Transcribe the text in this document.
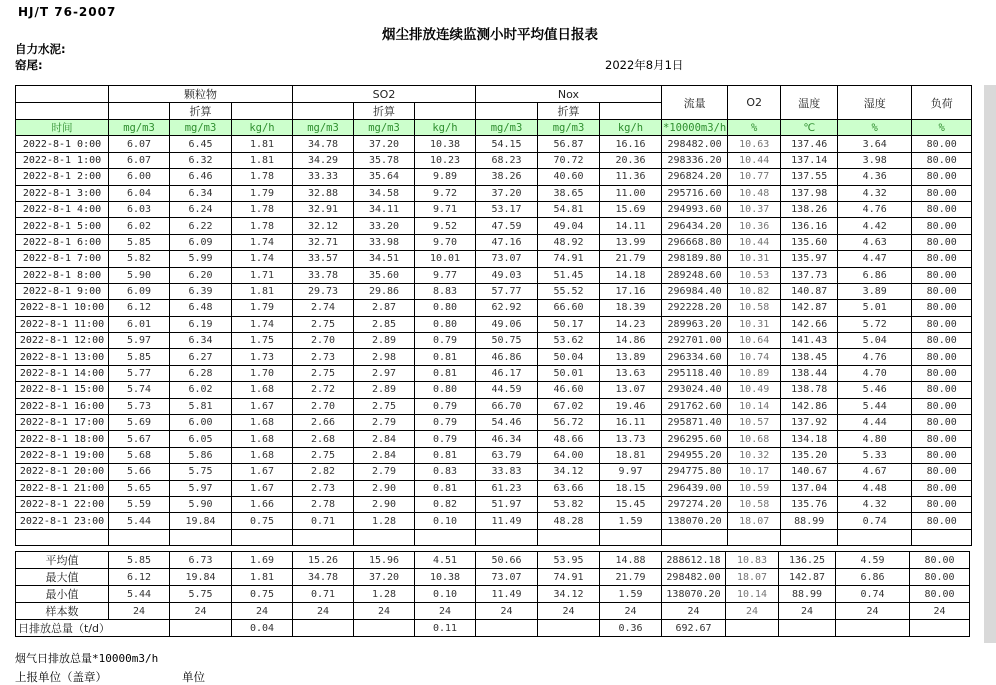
HJ/T 76-2007
烟尘排放连续监测小时平均值日报表
自力水泥:
窑尾:	2022年8月1日
	颗粒物			SO2			Nox			流量	O2	温度	湿度	负荷
		折算			折算			折算						
时间	mg/m3	mg/m3	kg/h	mg/m3	mg/m3	kg/h	mg/m3	mg/m3	kg/h	*10000m3/h	%	℃	%	%
2022-8-1 0:00	6.07	6.45	1.81	34.78	37.20	10.38	54.15	56.87	16.16	298482.00	10.63	137.46	3.64	80.00
2022-8-1 1:00	6.07	6.32	1.81	34.29	35.78	10.23	68.23	70.72	20.36	298336.20	10.44	137.14	3.98	80.00
2022-8-1 2:00	6.00	6.46	1.78	33.33	35.64	9.89	38.26	40.60	11.36	296824.20	10.77	137.55	4.36	80.00
2022-8-1 3:00	6.04	6.34	1.79	32.88	34.58	9.72	37.20	38.65	11.00	295716.60	10.48	137.98	4.32	80.00
2022-8-1 4:00	6.03	6.24	1.78	32.91	34.11	9.71	53.17	54.81	15.69	294993.60	10.37	138.26	4.76	80.00
2022-8-1 5:00	6.02	6.22	1.78	32.12	33.20	9.52	47.59	49.04	14.11	296434.20	10.36	136.16	4.42	80.00
2022-8-1 6:00	5.85	6.09	1.74	32.71	33.98	9.70	47.16	48.92	13.99	296668.80	10.44	135.60	4.63	80.00
2022-8-1 7:00	5.82	5.99	1.74	33.57	34.51	10.01	73.07	74.91	21.79	298189.80	10.31	135.97	4.47	80.00
2022-8-1 8:00	5.90	6.20	1.71	33.78	35.60	9.77	49.03	51.45	14.18	289248.60	10.53	137.73	6.86	80.00
2022-8-1 9:00	6.09	6.39	1.81	29.73	29.86	8.83	57.77	55.52	17.16	296984.40	10.82	140.87	3.89	80.00
2022-8-1 10:00	6.12	6.48	1.79	2.74	2.87	0.80	62.92	66.60	18.39	292228.20	10.58	142.87	5.01	80.00
2022-8-1 11:00	6.01	6.19	1.74	2.75	2.85	0.80	49.06	50.17	14.23	289963.20	10.31	142.66	5.72	80.00
2022-8-1 12:00	5.97	6.34	1.75	2.70	2.89	0.79	50.75	53.62	14.86	292701.00	10.64	141.43	5.04	80.00
2022-8-1 13:00	5.85	6.27	1.73	2.73	2.98	0.81	46.86	50.04	13.89	296334.60	10.74	138.45	4.76	80.00
2022-8-1 14:00	5.77	6.28	1.70	2.75	2.97	0.81	46.17	50.01	13.63	295118.40	10.89	138.44	4.70	80.00
2022-8-1 15:00	5.74	6.02	1.68	2.72	2.89	0.80	44.59	46.60	13.07	293024.40	10.49	138.78	5.46	80.00
2022-8-1 16:00	5.73	5.81	1.67	2.70	2.75	0.79	66.70	67.02	19.46	291762.60	10.14	142.86	5.44	80.00
2022-8-1 17:00	5.69	6.00	1.68	2.66	2.79	0.79	54.46	56.72	16.11	295871.40	10.57	137.92	4.44	80.00
2022-8-1 18:00	5.67	6.05	1.68	2.68	2.84	0.79	46.34	48.66	13.73	296295.60	10.68	134.18	4.80	80.00
2022-8-1 19:00	5.68	5.86	1.68	2.75	2.84	0.81	63.79	64.00	18.81	294955.20	10.32	135.20	5.33	80.00
2022-8-1 20:00	5.66	5.75	1.67	2.82	2.79	0.83	33.83	34.12	9.97	294775.80	10.17	140.67	4.67	80.00
2022-8-1 21:00	5.65	5.97	1.67	2.73	2.90	0.81	61.23	63.66	18.15	296439.00	10.59	137.04	4.48	80.00
2022-8-1 22:00	5.59	5.90	1.66	2.78	2.90	0.82	51.97	53.82	15.45	297274.20	10.58	135.76	4.32	80.00
2022-8-1 23:00	5.44	19.84	0.75	0.71	1.28	0.10	11.49	48.28	1.59	138070.20	18.07	88.99	0.74	80.00

平均值	5.85	6.73	1.69	15.26	15.96	4.51	50.66	53.95	14.88	288612.18	10.83	136.25	4.59	80.00
最大值	6.12	19.84	1.81	34.78	37.20	10.38	73.07	74.91	21.79	298482.00	18.07	142.87	6.86	80.00
最小值	5.44	5.75	0.75	0.71	1.28	0.10	11.49	34.12	1.59	138070.20	10.14	88.99	0.74	80.00
样本数	24	24	24	24	24	24	24	24	24	24	24	24	24	24
日排放总量（t/d）			0.04			0.11			0.36	692.67				
烟气日排放总量*10000m3/h
上报单位（盖章）	单位
